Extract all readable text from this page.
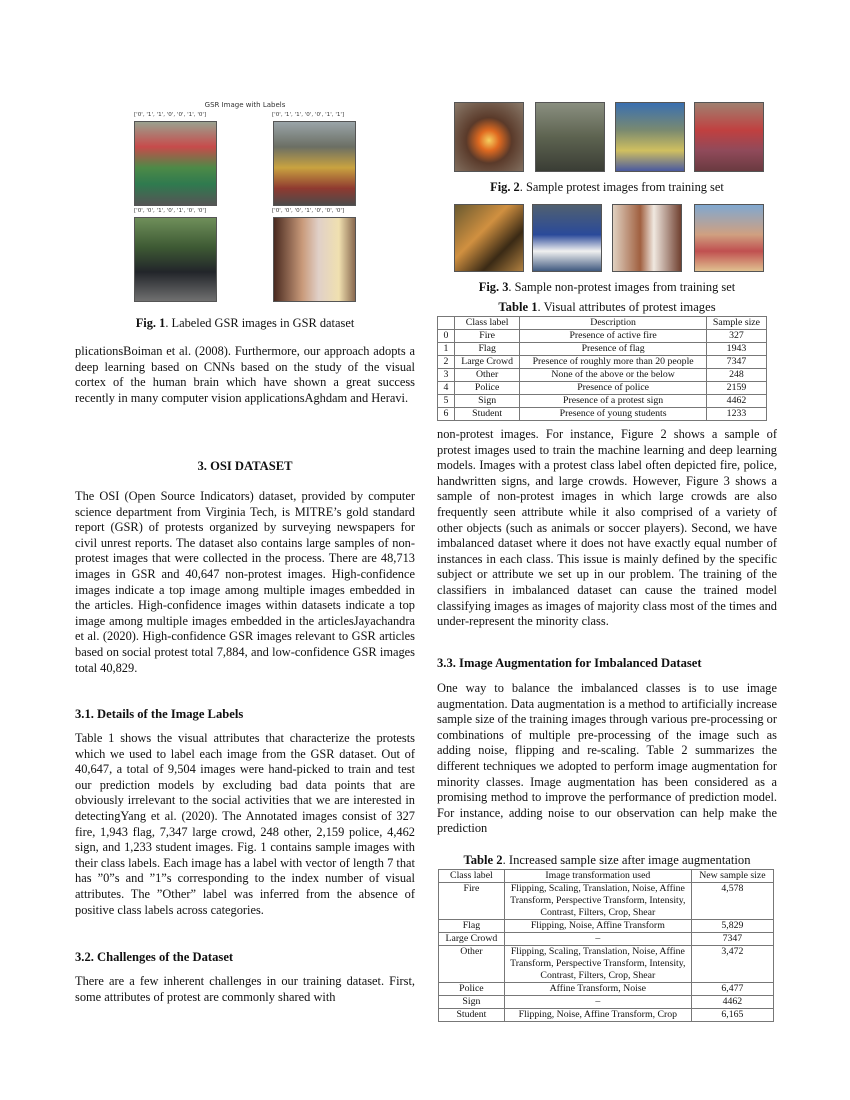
GSR Image with Labels
['0', '1', '1', '0', '0', '1', '0']	['0', '1', '1', '0', '0', '1', '1']
['0', '0', '1', '0', '1', '0', '0']	['0', '0', '0', '1', '0', '0', '0']
Fig. 1. Labeled GSR images in GSR dataset
plicationsBoiman et al. (2008). Furthermore, our approach adopts a deep learning based on CNNs based on the study of the visual cortex of the human brain which have shown a great success recently in many computer vision applicationsAghdam and Heravi.
3. OSI DATASET
The OSI (Open Source Indicators) dataset, provided by computer science department from Virginia Tech, is MITRE’s gold standard report (GSR) of protests organized by surveying newspapers for civil unrest reports. The dataset also contains large samples of non-protest images that were collected in the process. There are 48,713 images in GSR and 40,647 non-protest images. High-confidence images indicate a top image among multiple images embedded in the articles. High-confidence images within datasets indicate a top image among multiple images embedded in the articlesJayachandra et al. (2020). High-confidence GSR images relevant to GSR articles based on social protest total 7,884, and low-confidence GSR images total 40,829.
3.1. Details of the Image Labels
Table 1 shows the visual attributes that characterize the protests which we used to label each image from the GSR dataset. Out of 40,647, a total of 9,504 images were hand-picked to train and test our prediction models by excluding bad data points that are obviously irrelevant to the social activities that we are interested in detectingYang et al. (2020). The Annotated images consist of 327 fire, 1,943 flag, 7,347 large crowd, 248 other, 2,159 police, 4,462 sign, and 1,233 student images. Fig. 1 contains sample images with their class labels. Each image has a label with vector of length 7 that has ”0”s and ”1”s corresponding to the index number of visual attributes. The ”Other” label was inferred from the absence of positive class labels across categories.
3.2. Challenges of the Dataset
There are a few inherent challenges in our training dataset. First, some attributes of protest are commonly shared with
Fig. 2. Sample protest images from training set
Fig. 3. Sample non-protest images from training set
Table 1. Visual attributes of protest images
	Class label	Description	Sample size
0	Fire	Presence of active fire	327
1	Flag	Presence of flag	1943
2	Large Crowd	Presence of roughly more than 20 people	7347
3	Other	None of the above or the below	248
4	Police	Presence of police	2159
5	Sign	Presence of a protest sign	4462
6	Student	Presence of young students	1233
non-protest images. For instance, Figure 2 shows a sample of protest images used to train the machine learning and deep learning models. Images with a protest class label often depicted fire, police, handwritten signs, and large crowds. However, Figure 3 shows a sample of non-protest images in which large crowds are also frequently seen attribute while it also comprised of a variety of other objects (such as animals or soccer players). Second, we have imbalanced dataset where it does not have exactly equal number of instances in each class. This issue is mainly defined by the specific subject or attribute we set up in our problem. The training of the classifiers in imbalanced dataset can cause the trained model classifying images as images of majority class most of the times and under-represent the minority class.
3.3. Image Augmentation for Imbalanced Dataset
One way to balance the imbalanced classes is to use image augmentation. Data augmentation is a method to artificially increase sample size of the training images through various pre-processing or combinations of multiple pre-processing of the image such as adding noise, flipping and re-scaling. Table 2 summarizes the different techniques we adopted to perform image augmentation for minority classes. Image augmentation has been considered as a promising method to improve the performance of prediction model. For instance, adding noise to our observation can help make the prediction
Table 2. Increased sample size after image augmentation
Class label	Image transformation used	New sample size
Fire	Flipping, Scaling, Translation, Noise, Affine Transform, Perspective Transform, Intensity, Contrast, Filters, Crop, Shear	4,578
Flag	Flipping, Noise, Affine Transform	5,829
Large Crowd	–	7347
Other	Flipping, Scaling, Translation, Noise, Affine Transform, Perspective Transform, Intensity, Contrast, Filters, Crop, Shear	3,472
Police	Affine Transform, Noise	6,477
Sign	–	4462
Student	Flipping, Noise, Affine Transform, Crop	6,165
